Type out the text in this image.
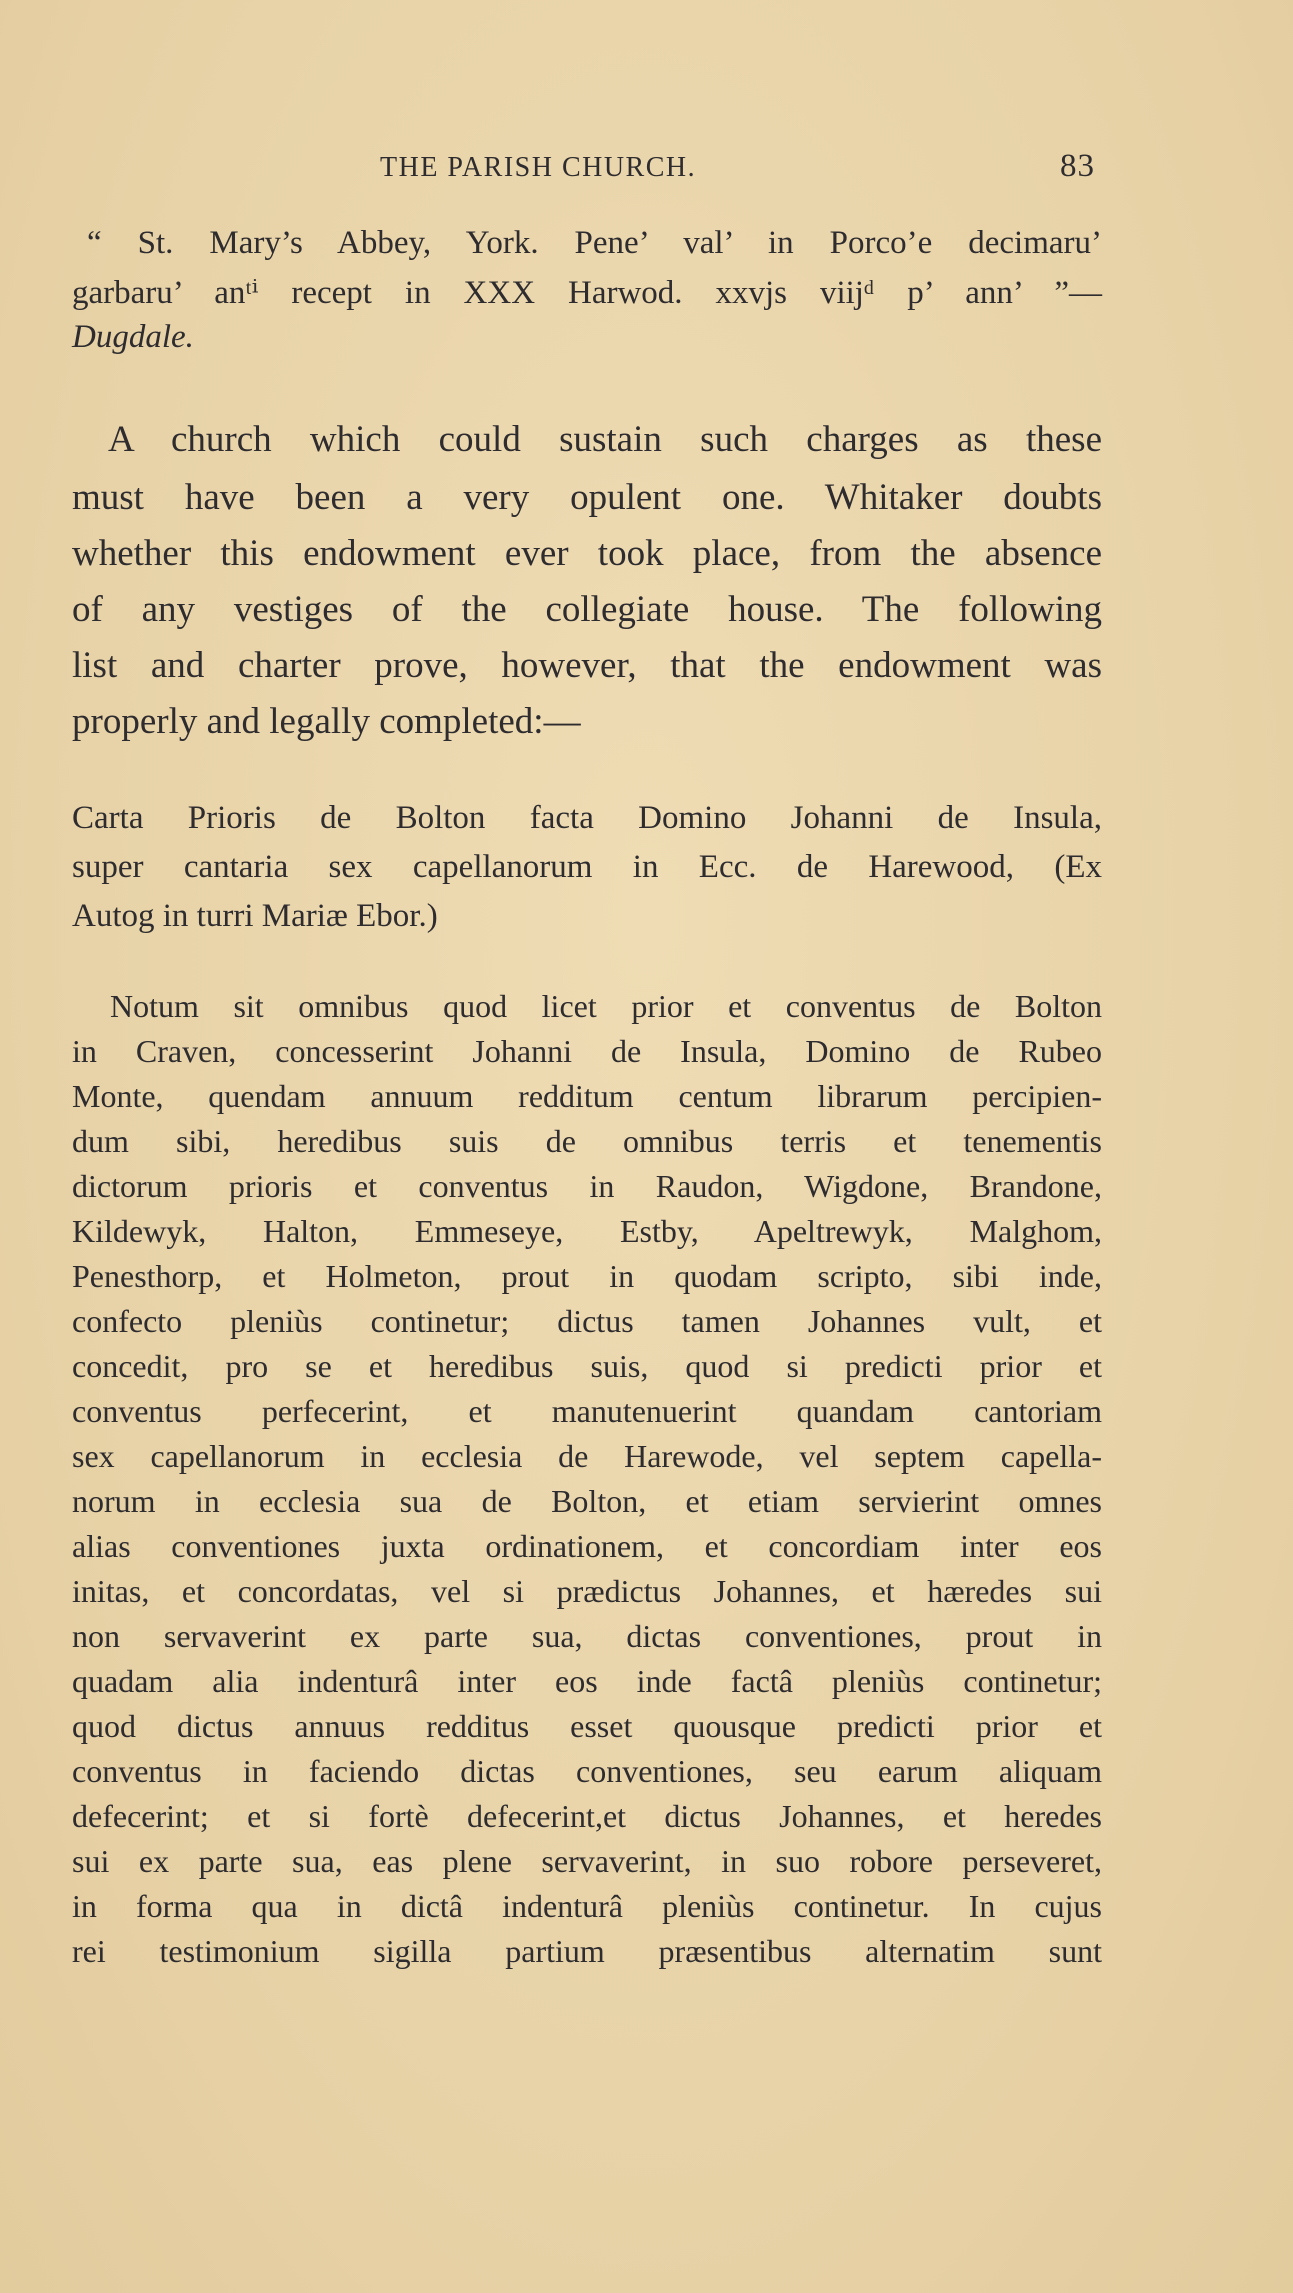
THE PARISH CHURCH.	83
“ St. Mary’s Abbey, York. Pene’ val’ in Porco’e decimaru’
garbaru’ anᵗⁱ recept in XXX Harwod. xxvjs viijᵈ p’ ann’ ”—
Dugdale.
A church which could sustain such charges as these
must have been a very opulent one. Whitaker doubts
whether this endowment ever took place, from the absence
of any vestiges of the collegiate house. The following
list and charter prove, however, that the endowment was
properly and legally completed:—
Carta Prioris de Bolton facta Domino Johanni de Insula,
super cantaria sex capellanorum in Ecc. de Harewood, (Ex
Autog in turri Mariæ Ebor.)
Notum sit omnibus quod licet prior et conventus de Bolton
in Craven, concesserint Johanni de Insula, Domino de Rubeo
Monte, quendam annuum redditum centum librarum percipien-
dum sibi, heredibus suis de omnibus terris et tenementis
dictorum prioris et conventus in Raudon, Wigdone, Brandone,
Kildewyk, Halton, Emmeseye, Estby, Apeltrewyk, Malghom,
Penesthorp, et Holmeton, prout in quodam scripto, sibi inde,
confecto pleniùs continetur; dictus tamen Johannes vult, et
concedit, pro se et heredibus suis, quod si predicti prior et
conventus perfecerint, et manutenuerint quandam cantoriam
sex capellanorum in ecclesia de Harewode, vel septem capella-
norum in ecclesia sua de Bolton, et etiam servierint omnes
alias conventiones juxta ordinationem, et concordiam inter eos
initas, et concordatas, vel si prædictus Johannes, et hæredes sui
non servaverint ex parte sua, dictas conventiones, prout in
quadam alia indenturâ inter eos inde factâ pleniùs continetur;
quod dictus annuus redditus esset quousque predicti prior et
conventus in faciendo dictas conventiones, seu earum aliquam
defecerint; et si fortè defecerint,et dictus Johannes, et heredes
sui ex parte sua, eas plene servaverint, in suo robore perseveret,
in forma qua in dictâ indenturâ pleniùs continetur. In cujus
rei testimonium sigilla partium præsentibus alternatim sunt
